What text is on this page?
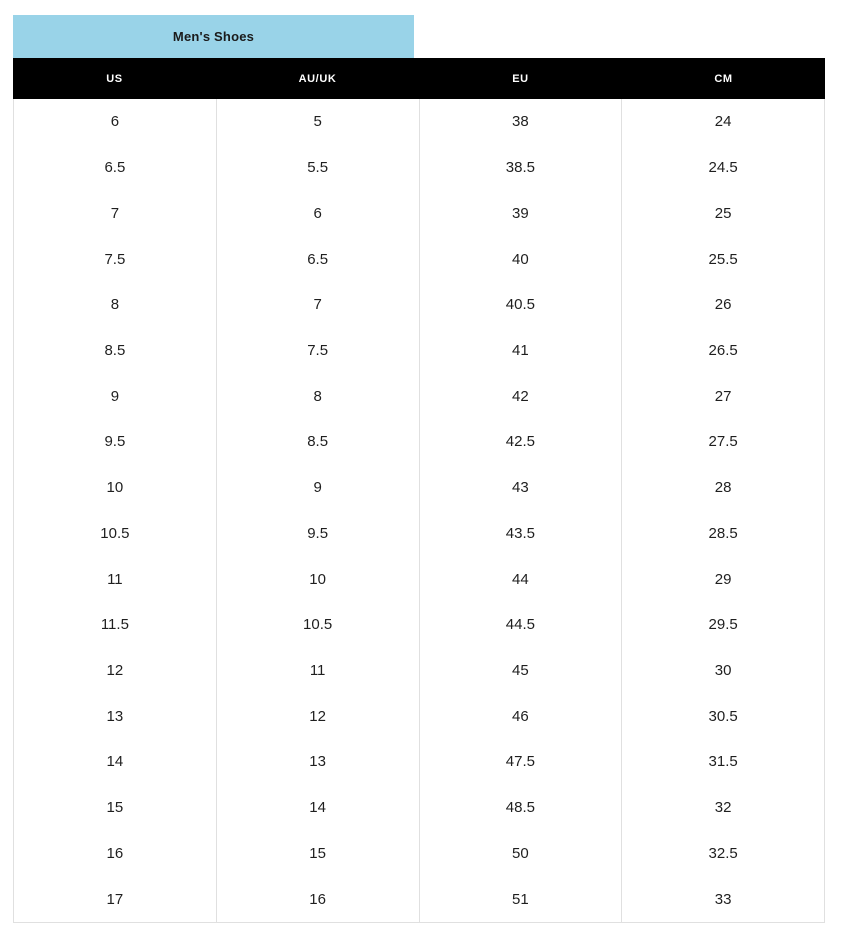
Men's Shoes
US	AU/UK	EU	CM
6	5	38	24
6.5	5.5	38.5	24.5
7	6	39	25
7.5	6.5	40	25.5
8	7	40.5	26
8.5	7.5	41	26.5
9	8	42	27
9.5	8.5	42.5	27.5
10	9	43	28
10.5	9.5	43.5	28.5
11	10	44	29
11.5	10.5	44.5	29.5
12	11	45	30
13	12	46	30.5
14	13	47.5	31.5
15	14	48.5	32
16	15	50	32.5
17	16	51	33
